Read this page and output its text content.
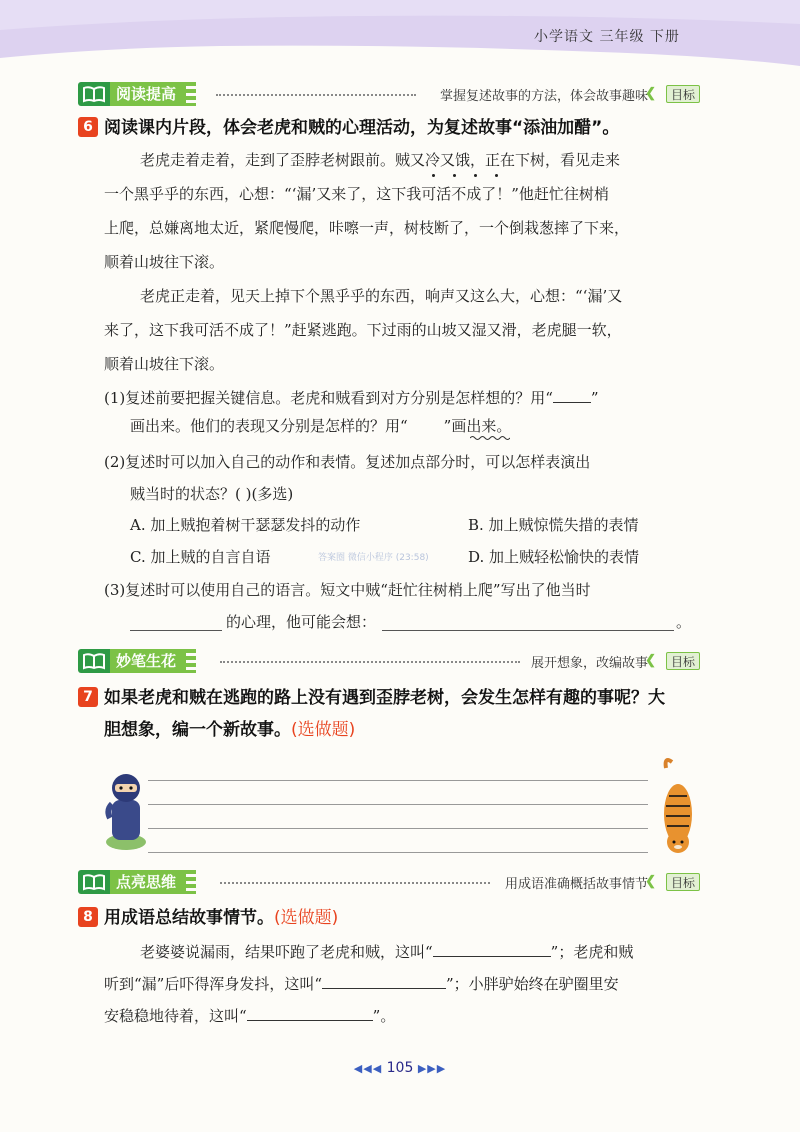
小学语文 三年级 下册
阅读提高	掌握复述故事的方法，体会故事趣味
❮	目标
6 阅读课内片段，体会老虎和贼的心理活动，为复述故事“添油加醋”。
老虎走着走着，走到了歪脖老树跟前。贼又冷又饿，正在下树，看见走来
一个黑乎乎的东西，心想：“‘漏’又来了，这下我可活不成了！”他赶忙往树梢
上爬，总嫌离地太近，紧爬慢爬，咔嚓一声，树枝断了，一个倒栽葱摔了下来，
顺着山坡往下滚。
老虎正走着，见天上掉下个黑乎乎的东西，响声又这么大，心想：“‘漏’又
来了，这下我可活不成了！”赶紧逃跑。下过雨的山坡又湿又滑，老虎腿一软，
顺着山坡往下滚。
(1)复述前要把握关键信息。老虎和贼看到对方分别是怎样想的？用“	”
画出来。他们的表现又分别是怎样的？用“ ”画出来。
(2)复述时可以加入自己的动作和表情。复述加点部分时，可以怎样表演出
贼当时的状态？( )(多选)
A. 加上贼抱着树干瑟瑟发抖的动作	B. 加上贼惊慌失措的表情
C. 加上贼的自言自语	D. 加上贼轻松愉快的表情
答案圈 微信小程序 (23:58)
(3)复述时可以使用自己的语言。短文中贼“赶忙往树梢上爬”写出了他当时
的心理，他可能会想：	。
妙笔生花	展开想象，改编故事
❮	目标
7 如果老虎和贼在逃跑的路上没有遇到歪脖老树，会发生怎样有趣的事呢？大
胆想象，编一个新故事。(选做题)
点亮思维	用成语准确概括故事情节
❮	目标
8 用成语总结故事情节。(选做题)
老婆婆说漏雨，结果吓跑了老虎和贼，这叫“	”；老虎和贼
听到“漏”后吓得浑身发抖，这叫“	”；小胖驴始终在驴圈里安
安稳稳地待着，这叫“	”。
◀◀◀ 105 ▶▶▶
